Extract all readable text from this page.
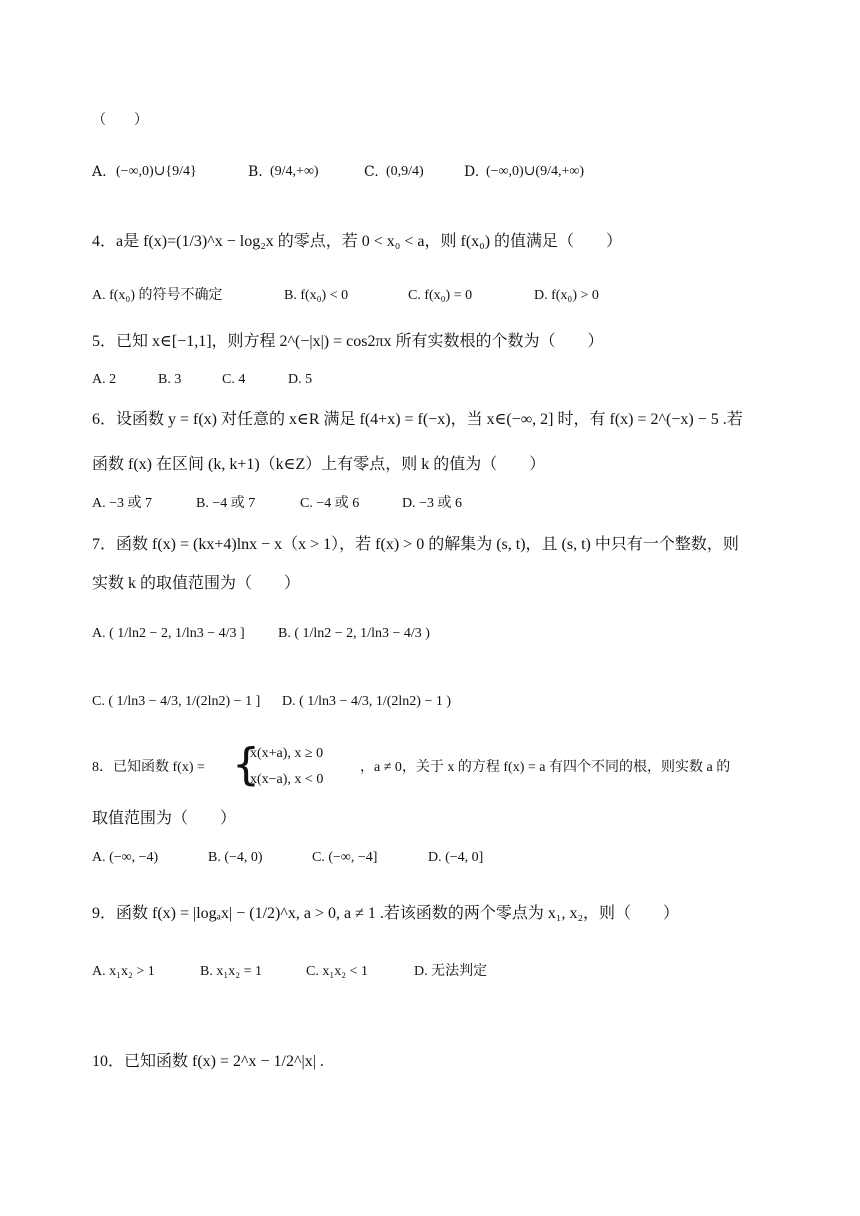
（　　）
A. (−∞,0)∪{9/4}	B. (9/4,+∞)	C. (0,9/4)	D. (−∞,0)∪(9/4,+∞)
4．a是 f(x)=(1/3)^x − log₂x 的零点，若 0 < x₀ < a，则 f(x₀) 的值满足（　　）
A. f(x₀) 的符号不确定	B. f(x₀) < 0	C. f(x₀) = 0	D. f(x₀) > 0
5．已知 x∈[−1,1]，则方程 2^(−|x|) = cos2πx 所有实数根的个数为（　　）
A. 2	B. 3	C. 4	D. 5
6．设函数 y = f(x) 对任意的 x∈R 满足 f(4+x) = f(−x)，当 x∈(−∞, 2] 时，有 f(x) = 2^(−x) − 5 .若
函数 f(x) 在区间 (k, k+1)（k∈Z）上有零点，则 k 的值为（　　）
A. −3 或 7	B. −4 或 7	C. −4 或 6	D. −3 或 6
7．函数 f(x) = (kx+4)lnx − x（x > 1），若 f(x) > 0 的解集为 (s, t)，且 (s, t) 中只有一个整数，则
实数 k 的取值范围为（　　）
A. ( 1/ln2 − 2, 1/ln3 − 4/3 ] B. ( 1/ln2 − 2, 1/ln3 − 4/3 )
C. ( 1/ln3 − 4/3, 1/(2ln2) − 1 ] D. ( 1/ln3 − 4/3, 1/(2ln2) − 1 )
8．已知函数 f(x) = {
x(x+a), x ≥ 0
x(x−a), x < 0
，a ≠ 0，关于 x 的方程 f(x) = a 有四个不同的根，则实数 a 的
取值范围为（　　）
A. (−∞, −4)	B. (−4, 0)	C. (−∞, −4]	D. (−4, 0]
9．函数 f(x) = |logₐx| − (1/2)^x, a > 0, a ≠ 1 .若该函数的两个零点为 x₁, x₂，则（　　）
A. x₁x₂ > 1	B. x₁x₂ = 1	C. x₁x₂ < 1	D. 无法判定
10．已知函数 f(x) = 2^x − 1/2^|x| .
